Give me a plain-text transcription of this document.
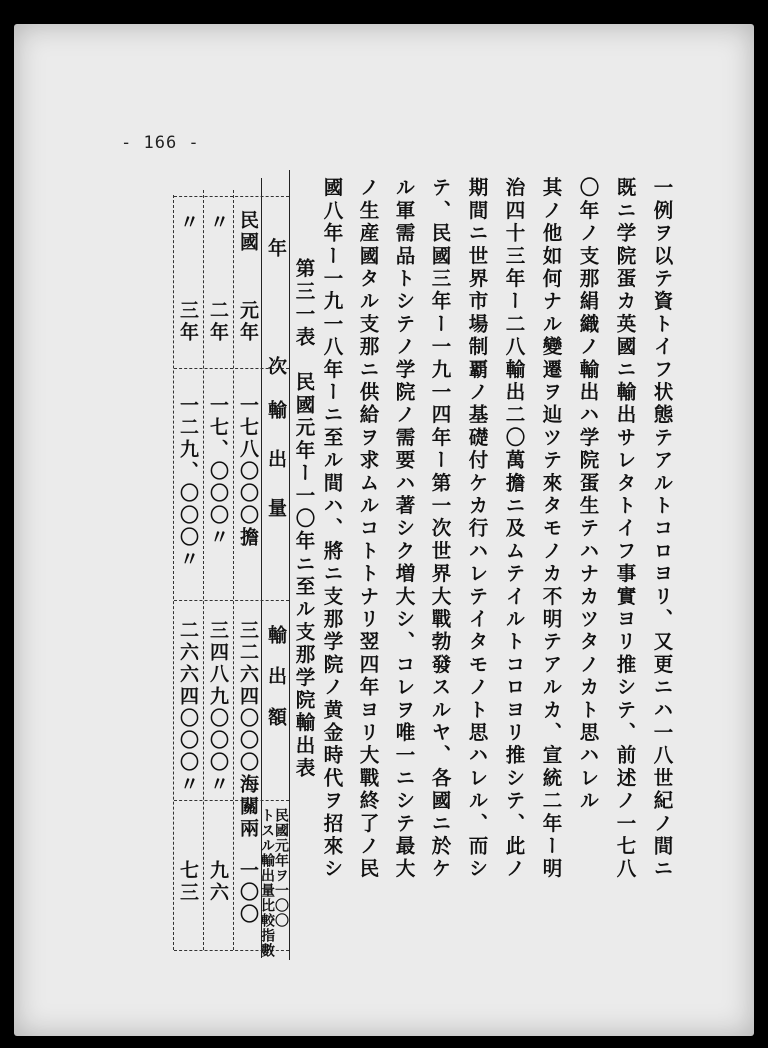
- 166 -
一例ヲ以テ資トイフ状態テアルトコロヨリ、又更ニハ一八世紀ノ間ニ
既ニ学院蛋カ英國ニ輸出サレタトイフ事實ヨリ推シテ、前述ノ一七八
〇年ノ支那絹織ノ輸出ハ学院蛋生テハナカツタノカト思ハレル
其ノ他如何ナル變遷ヲ辿ツテ來タモノカ不明テアルカ、宣統二年ー明
治四十三年ー二八輸出二〇萬擔ニ及ムテイルトコロヨリ推シテ、此ノ
期間ニ世界市場制覇ノ基礎付ケカ行ハレテイタモノト思ハレル、而シ
テ、民國三年ー一九一四年ー第一次世界大戰勃發スルヤ、各國ニ於ケ
ル軍需品トシテノ学院ノ需要ハ著シク増大シ、コレヲ唯一ニシテ最大
ノ生産國タル支那ニ供給ヲ求ムルコトトナリ翌四年ヨリ大戰終了ノ民
國八年ー一九一八年ーニ至ル間ハ、將ニ支那学院ノ黄金時代ヲ招來シ
第三一表　民國元年ー一〇年ニ至ル支那学院輸出表
年　次
輸出量
輸出額
民國元年ヲ一〇〇
トスル輸出量比較指數
民國
元年
一七八〇〇〇擔
三二六四〇〇〇海關兩
一〇〇
〃
二年
一七、〇〇〇〃
三四八九〇〇〇〃
九六
〃
三年
一二九、〇〇〇〃
二六六四〇〇〇〃
七三
